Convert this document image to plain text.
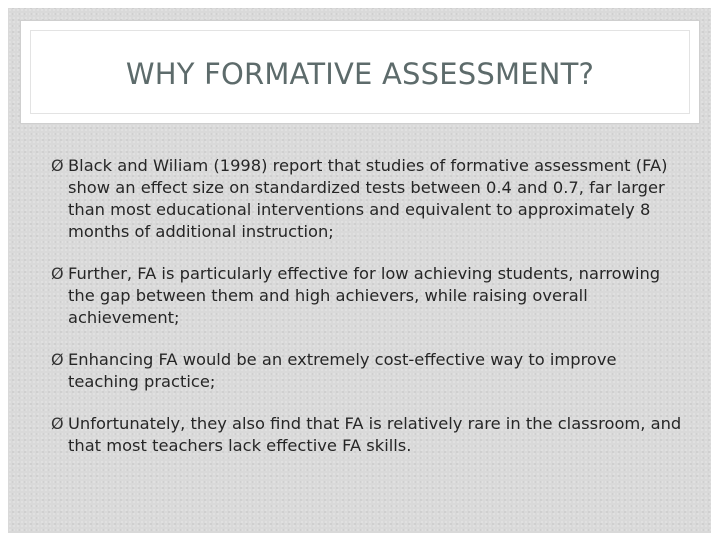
WHY FORMATIVE ASSESSMENT?
Ø Black and Wiliam (1998) report that studies of formative assessment (FA) show an effect size on standardized tests between 0.4 and 0.7, far larger than most educational interventions and equivalent to approximately 8 months of additional instruction;
Ø Further, FA is particularly effective for low achieving students, narrowing the gap between them and high achievers, while raising overall achievement;
Ø Enhancing FA would be an extremely cost-effective way to improve teaching practice;
Ø Unfortunately, they also find that FA is relatively rare in the classroom, and that most teachers lack effective FA skills.
